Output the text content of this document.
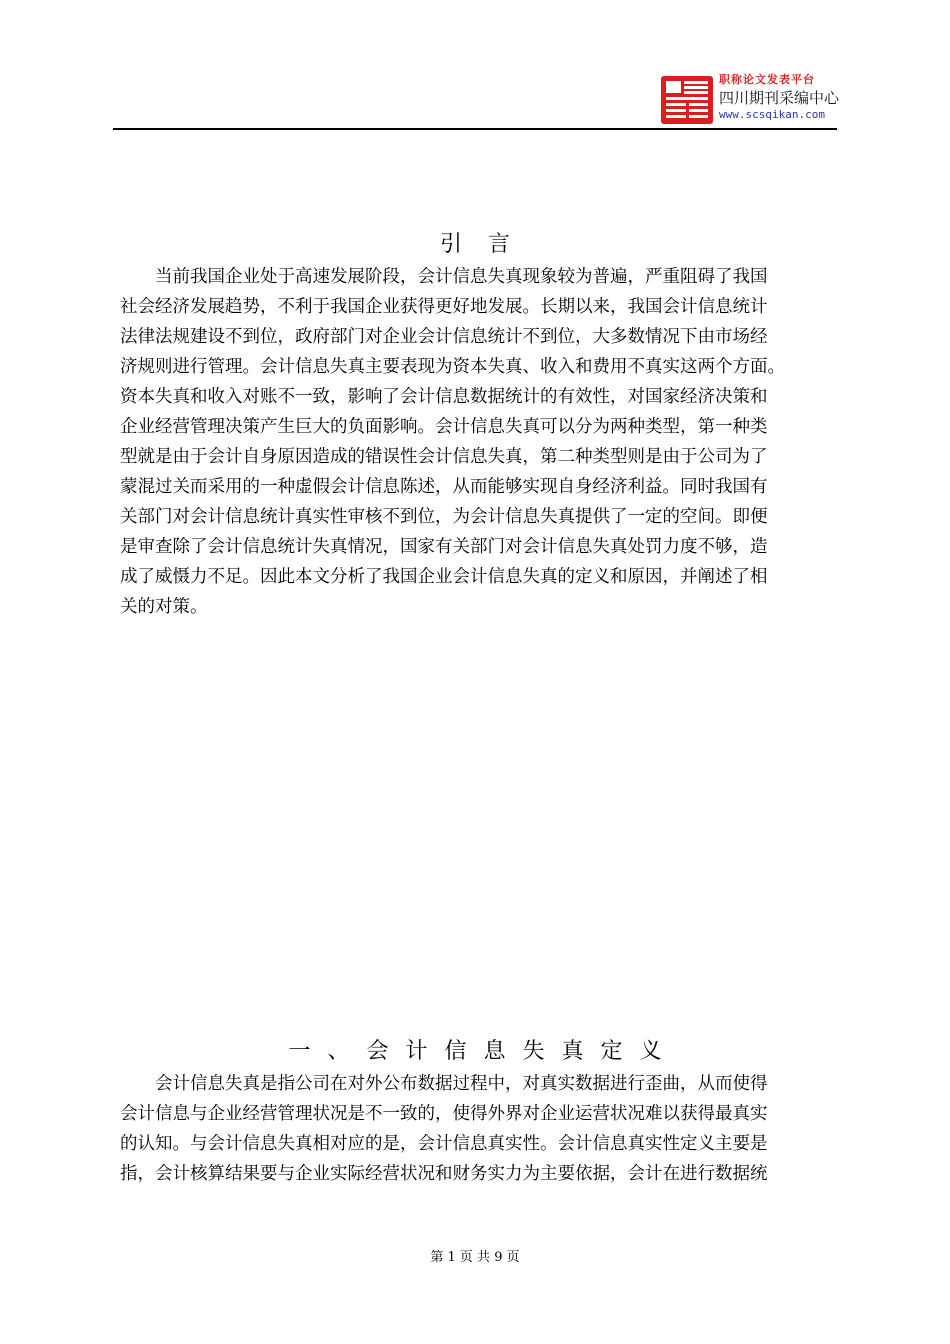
职称论文发表平台
四川期刊采编中心
www.scsqikan.com
引言
　　当前我国企业处于高速发展阶段，会计信息失真现象较为普遍，严重阻碍了我国
社会经济发展趋势，不利于我国企业获得更好地发展。长期以来，我国会计信息统计
法律法规建设不到位，政府部门对企业会计信息统计不到位，大多数情况下由市场经
济规则进行管理。会计信息失真主要表现为资本失真、收入和费用不真实这两个方面。
资本失真和收入对账不一致，影响了会计信息数据统计的有效性，对国家经济决策和
企业经营管理决策产生巨大的负面影响。会计信息失真可以分为两种类型，第一种类
型就是由于会计自身原因造成的错误性会计信息失真，第二种类型则是由于公司为了
蒙混过关而采用的一种虚假会计信息陈述，从而能够实现自身经济利益。同时我国有
关部门对会计信息统计真实性审核不到位，为会计信息失真提供了一定的空间。即便
是审查除了会计信息统计失真情况，国家有关部门对会计信息失真处罚力度不够，造
成了威慑力不足。因此本文分析了我国企业会计信息失真的定义和原因，并阐述了相
关的对策。
一、会计信息失真定义
　　会计信息失真是指公司在对外公布数据过程中，对真实数据进行歪曲，从而使得
会计信息与企业经营管理状况是不一致的，使得外界对企业运营状况难以获得最真实
的认知。与会计信息失真相对应的是，会计信息真实性。会计信息真实性定义主要是
指，会计核算结果要与企业实际经营状况和财务实力为主要依据，会计在进行数据统
第 1 页 共 9 页
